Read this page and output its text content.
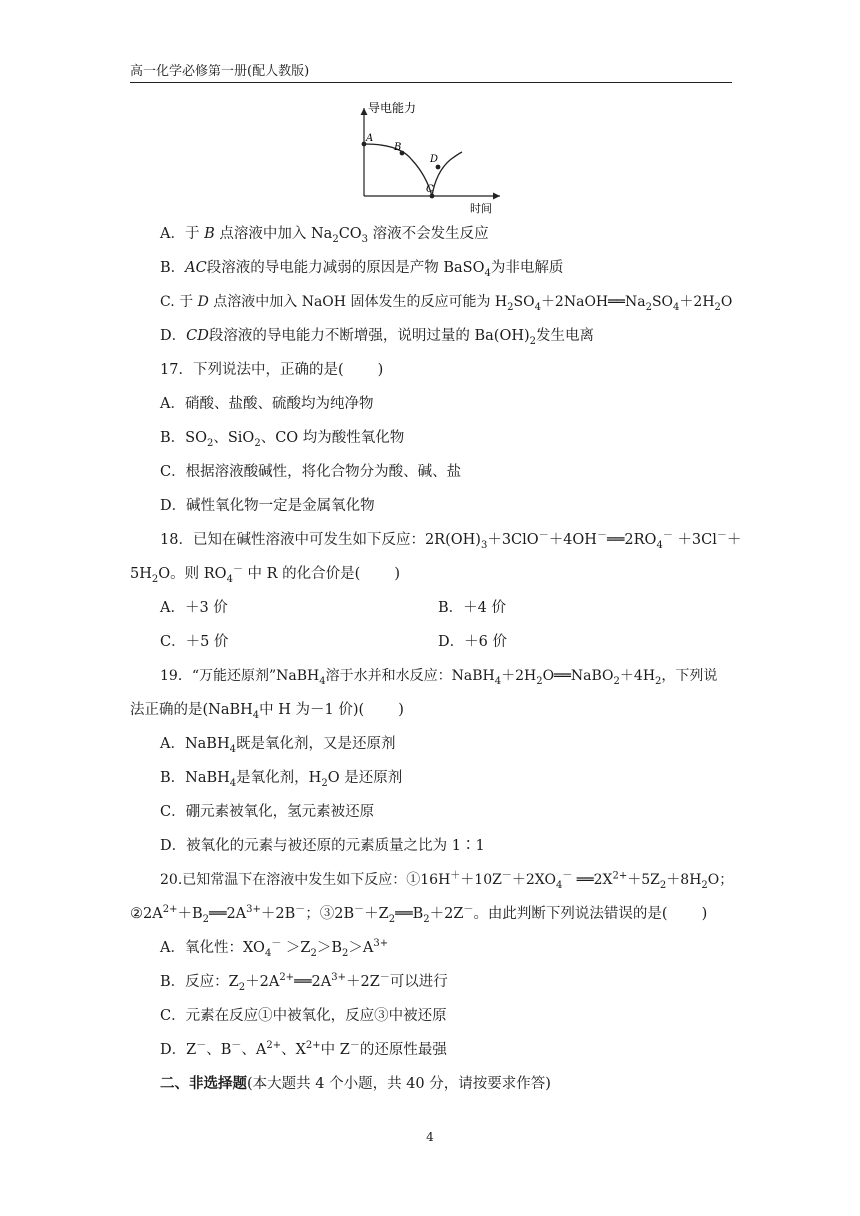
高一化学必修第一册(配人教版)
导电能力
时间
A
B
C
D
A．于 B 点溶液中加入 $Na_2CO_3$ 溶液不会发生反应
B．AC段溶液的导电能力减弱的原因是产物 BaSO$_4$为非电解质
C. 于 D 点溶液中加入 NaOH 固体发生的反应可能为 $H_2SO_4+2NaOH══Na_2SO_4+2H_2O$
D．CD段溶液的导电能力不断增强，说明过量的 $Ba(OH)_2$发生电离
17．下列说法中，正确的是( )
A．硝酸、盐酸、硫酸均为纯净物
B．$SO_2$、SiO$_2$、CO 均为酸性氧化物
C．根据溶液酸碱性，将化合物分为酸、碱、盐
D．碱性氧化物一定是金属氧化物
18．已知在碱性溶液中可发生如下反应：$2R(OH)_3+3ClO^-+4OH^-══2RO_4^- +3Cl^-+$
$5H_2O$。则 $RO_4^-$ 中 R 的化合价是( )
A．＋3 价	B．＋4 价
C．＋5 价	D．＋6 价
19．“万能还原剂”NaBH$_4$溶于水并和水反应：$NaBH_4+2H_2O══NaBO_2+4H_2$，下列说
法正确的是(NaBH$_4$中 H 为－1 价)( )
A．NaBH$_4$既是氧化剂，又是还原剂
B．NaBH$_4$是氧化剂，$H_2O$ 是还原剂
C．硼元素被氧化，氢元素被还原
D．被氧化的元素与被还原的元素质量之比为 1∶1
20.已知常温下在溶液中发生如下反应：$①16H^++10Z^-+2XO_4^-$ $══2X^{2+}+5Z_2+8H_2O$；
$②2A^{2+}+B_2══2A^{3+}+2B^-$；$③2B^-+Z_2══B_2+2Z^-$。由此判断下列说法错误的是( )
A．氧化性：$XO_4^- >Z_2>B_2>A^{3+}$
B．反应：$Z_2+2A^{2+}══2A^{3+}+2Z^-$可以进行
C．元素在反应①中被氧化，反应③中被还原
D．Z－、B－、$A^{2+}$、$X^{2+}$中 Z－的还原性最强
二、非选择题(本大题共 4 个小题，共 40 分，请按要求作答)
4
